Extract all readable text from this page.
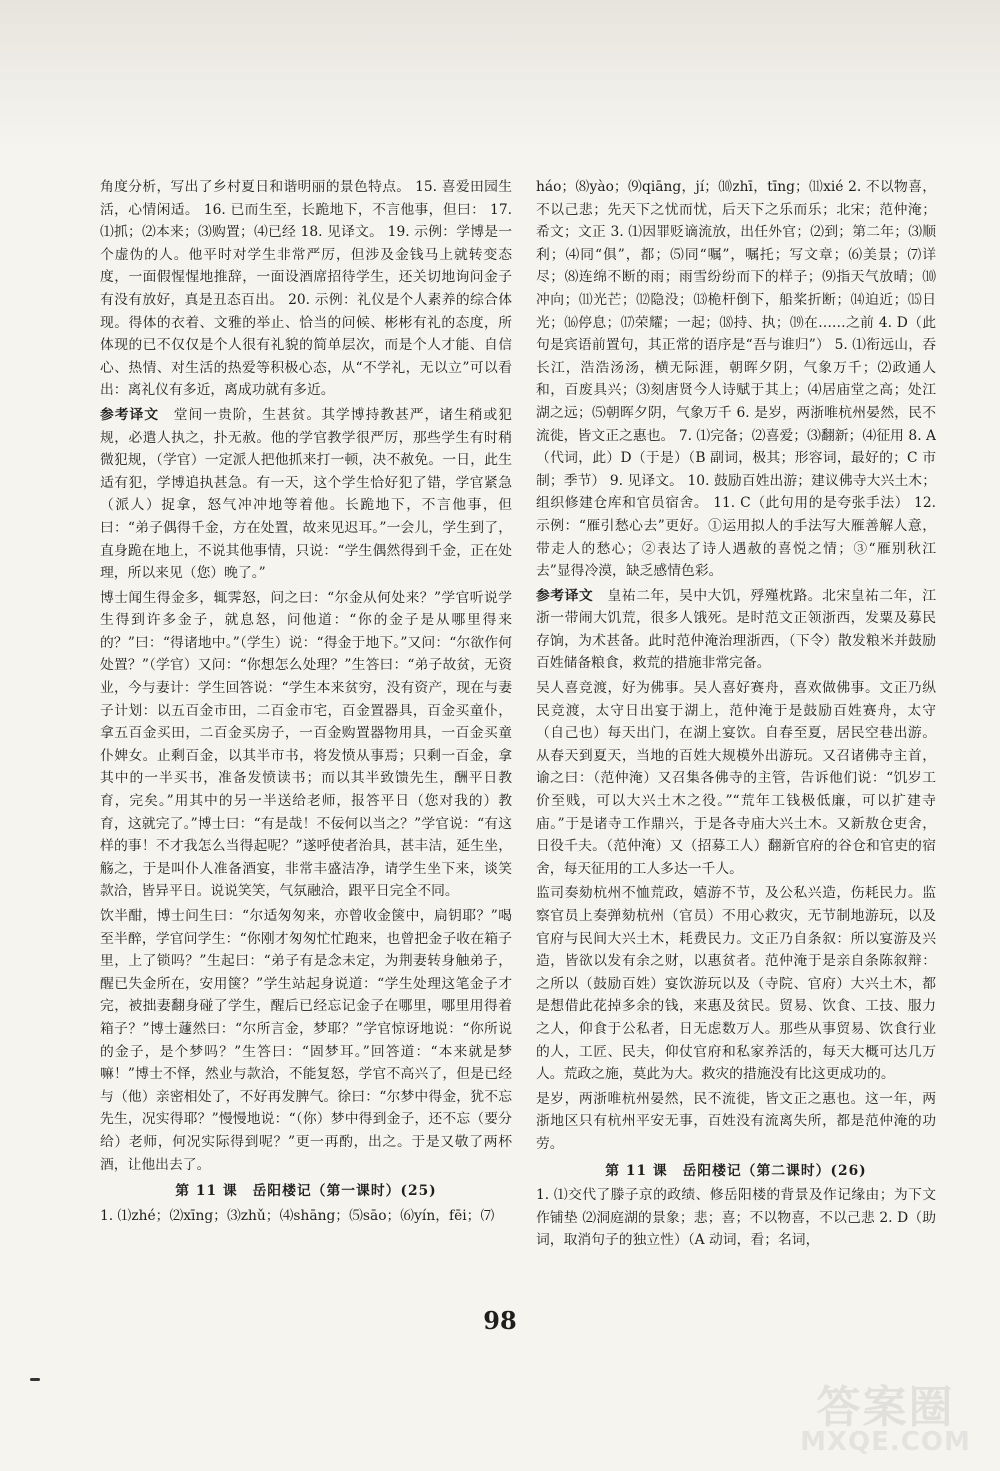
角度分析，写出了乡村夏日和谐明丽的景色特点。 15. 喜爱田园生活，心情闲适。 16. 已而生至，长跪地下，不言他事，但曰： 17. ⑴抓；⑵本来；⑶购置；⑷已经 18. 见译文。 19. 示例：学博是一个虚伪的人。他平时对学生非常严厉，但涉及金钱马上就转变态度，一面假惺惺地推辞，一面设酒席招待学生，还关切地询问金子有没有放好，真是丑态百出。 20. 示例：礼仪是个人素养的综合体现。得体的衣着、文雅的举止、恰当的问候、彬彬有礼的态度，所体现的已不仅仅是个人很有礼貌的简单层次，而是个人才能、自信心、热情、对生活的热爱等积极心态，从“不学礼，无以立”可以看出：离礼仪有多近，离成功就有多近。

参考译文　 堂间一贵阶，生甚贫。其学博持教甚严，诸生稍或犯规，必遣人执之，扑无赦。他的学官教学很严厉，那些学生有时稍微犯规，（学官）一定派人把他抓来打一顿，决不赦免。一日，此生适有犯，学博追执甚急。有一天，这个学生恰好犯了错，学官紧急（派人）捉拿，怒气冲冲地等着他。长跪地下，不言他事，但曰：“弟子偶得千金，方在处置，故来见迟耳。”一会儿，学生到了，直身跪在地上，不说其他事情，只说：“学生偶然得到千金，正在处理，所以来见（您）晚了。”

博士闻生得金多，辄霁怒，问之曰：“尔金从何处来？”学官听说学生得到许多金子，就息怒，问他道：“你的金子是从哪里得来的？”曰：“得诸地中。”（学生）说：“得金于地下。”又问：“尔欲作何处置？”（学官）又问：“你想怎么处理？”生答曰：“弟子故贫，无资业，今与妻计：学生回答说：“学生本来贫穷，没有资产，现在与妻子计划：以五百金市田，二百金市宅，百金置器具，百金买童仆，拿五百金买田，二百金买房子，一百金购置器物用具，一百金买童仆婢女。止剩百金，以其半市书，将发愤从事焉；只剩一百金，拿其中的一半买书，准备发愤读书；而以其半致馈先生，酬平日教育，完矣。”用其中的另一半送给老师，报答平日（您对我的）教育，这就完了。”博士曰：“有是哉！不佞何以当之？”学官说：“有这样的事！不才我怎么当得起呢？”遂呼使者治具，甚丰洁，延生坐，觞之，于是叫仆人准备酒宴，非常丰盛洁净，请学生坐下来，谈笑款洽，皆异平日。说说笑笑，气氛融洽，跟平日完全不同。

饮半酣，博士问生曰：“尔适匆匆来，亦曾收金箧中，扃钥耶？”喝至半醉，学官问学生：“你刚才匆匆忙忙跑来，也曾把金子收在箱子里，上了锁吗？”生起曰：“弟子有是念未定，为荆妻转身触弟子，醒已失金所在，安用箧？”学生站起身说道：“学生处理这笔金子才完，被拙妻翻身碰了学生，醒后已经忘记金子在哪里，哪里用得着箱子？”博士蘧然曰：“尔所言金，梦耶？”学官惊讶地说：“你所说的金子，是个梦吗？”生答曰：“固梦耳。”回答道：“本来就是梦嘛！”博士不怿，然业与款洽，不能复怒，学官不高兴了，但是已经与（他）亲密相处了，不好再发脾气。徐曰：“尔梦中得金，犹不忘先生，况实得耶？”慢慢地说：“（你）梦中得到金子，还不忘（要分给）老师，何况实际得到呢？”更一再酌，出之。于是又敬了两杯酒，让他出去了。

第 11 课　岳阳楼记（第一课时）(25)

1. ⑴zhé；⑵xīng；⑶zhǔ；⑷shāng；⑸sāo；⑹yín，fēi；⑺

háo；⑻yào；⑼qiāng，jí；⑽zhī，tīng；⑾xié 2. 不以物喜，不以己悲；先天下之忧而忧，后天下之乐而乐；北宋；范仲淹；希文；文正 3. ⑴因罪贬谪流放，出任外官；⑵到；第二年；⑶顺利；⑷同“俱”，都；⑸同“嘱”，嘱托；写文章；⑹美景；⑺详尽；⑻连绵不断的雨；雨雪纷纷而下的样子；⑼指天气放晴；⑽冲向；⑾光芒；⑿隐没；⒀桅杆倒下，船桨折断；⒁迫近；⒂日光；⒃停息；⒄荣耀；一起；⒅持、执；⒆在……之前 4. D（此句是宾语前置句，其正常的语序是“吾与谁归”） 5. ⑴衔远山，吞长江，浩浩汤汤，横无际涯，朝晖夕阴，气象万千；⑵政通人和，百废具兴；⑶刻唐贤今人诗赋于其上；⑷居庙堂之高；处江湖之远；⑸朝晖夕阴，气象万千 6. 是岁，两浙唯杭州晏然，民不流徙，皆文正之惠也。 7. ⑴完备；⑵喜爱；⑶翻新；⑷征用 8. A（代词，此）D（于是）（B 副词，极其；形容词，最好的；C 市制；季节） 9. 见译文。 10. 鼓励百姓出游；建议佛寺大兴土木；组织修建仓库和官员宿舍。 11. C（此句用的是夸张手法） 12. 示例：“雁引愁心去”更好。①运用拟人的手法写大雁善解人意，带走人的愁心；②表达了诗人遇赦的喜悦之情；③“雁别秋江去”显得冷漠，缺乏感情色彩。

参考译文　 皇祐二年，吴中大饥，殍殣枕路。北宋皇祐二年，江浙一带闹大饥荒，很多人饿死。是时范文正领浙西，发粟及募民存饷，为术甚备。此时范仲淹治理浙西，（下令）散发粮米并鼓励百姓储备粮食，救荒的措施非常完备。

吴人喜竞渡，好为佛事。吴人喜好赛舟，喜欢做佛事。文正乃纵民竞渡，太守日出宴于湖上，范仲淹于是鼓励百姓赛舟，太守（自己也）每天出门，在湖上宴饮。自春至夏，居民空巷出游。从春天到夏天，当地的百姓大规模外出游玩。又召诸佛寺主首，谕之曰：（范仲淹）又召集各佛寺的主管，告诉他们说：“饥岁工价至贱，可以大兴土木之役。”“荒年工钱极低廉，可以扩建寺庙。”于是诸寺工作鼎兴，于是各寺庙大兴土木。又新敖仓吏舍，日役千夫。（范仲淹）又（招募工人）翻新官府的谷仓和官吏的宿舍，每天征用的工人多达一千人。

监司奏劾杭州不恤荒政，嬉游不节，及公私兴造，伤耗民力。监察官员上奏弹劾杭州（官员）不用心救灾，无节制地游玩，以及官府与民间大兴土木，耗费民力。文正乃自条叙：所以宴游及兴造，皆欲以发有余之财，以惠贫者。范仲淹于是亲自条陈叙辩：之所以（鼓励百姓）宴饮游玩以及（寺院、官府）大兴土木，都是想借此花掉多余的钱，来惠及贫民。贸易、饮食、工技、服力之人，仰食于公私者，日无虑数万人。那些从事贸易、饮食行业的人，工匠、民夫，仰仗官府和私家养活的，每天大概可达几万人。荒政之施，莫此为大。救灾的措施没有比这更成功的。

是岁，两浙唯杭州晏然，民不流徙，皆文正之惠也。这一年，两浙地区只有杭州平安无事，百姓没有流离失所，都是范仲淹的功劳。

第 11 课　岳阳楼记（第二课时）(26)

1. ⑴交代了滕子京的政绩、修岳阳楼的背景及作记缘由；为下文作铺垫 ⑵洞庭湖的景象；悲；喜；不以物喜，不以己悲 2. D（助词，取消句子的独立性）（A 动词，看；名词，

98
答案圈
MXQE.COM
